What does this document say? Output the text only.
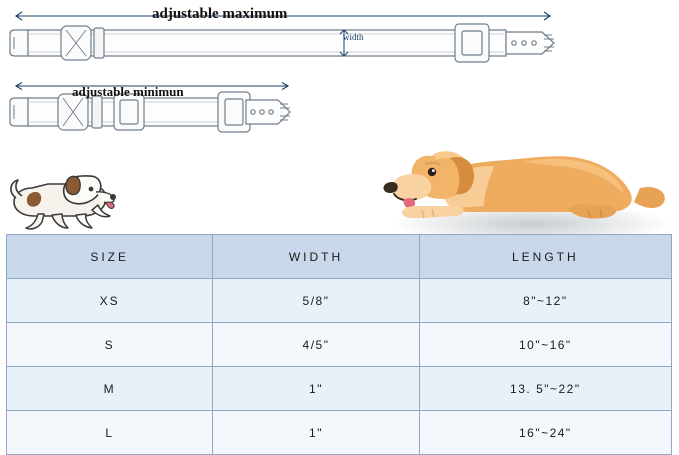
adjustable maximum
width
adjustable minimun
SIZE	WIDTH	LENGTH
XS	5/8"	8"~12"
S	4/5"	10"~16"
M	1"	13. 5"~22"
L	1"	16"~24"
